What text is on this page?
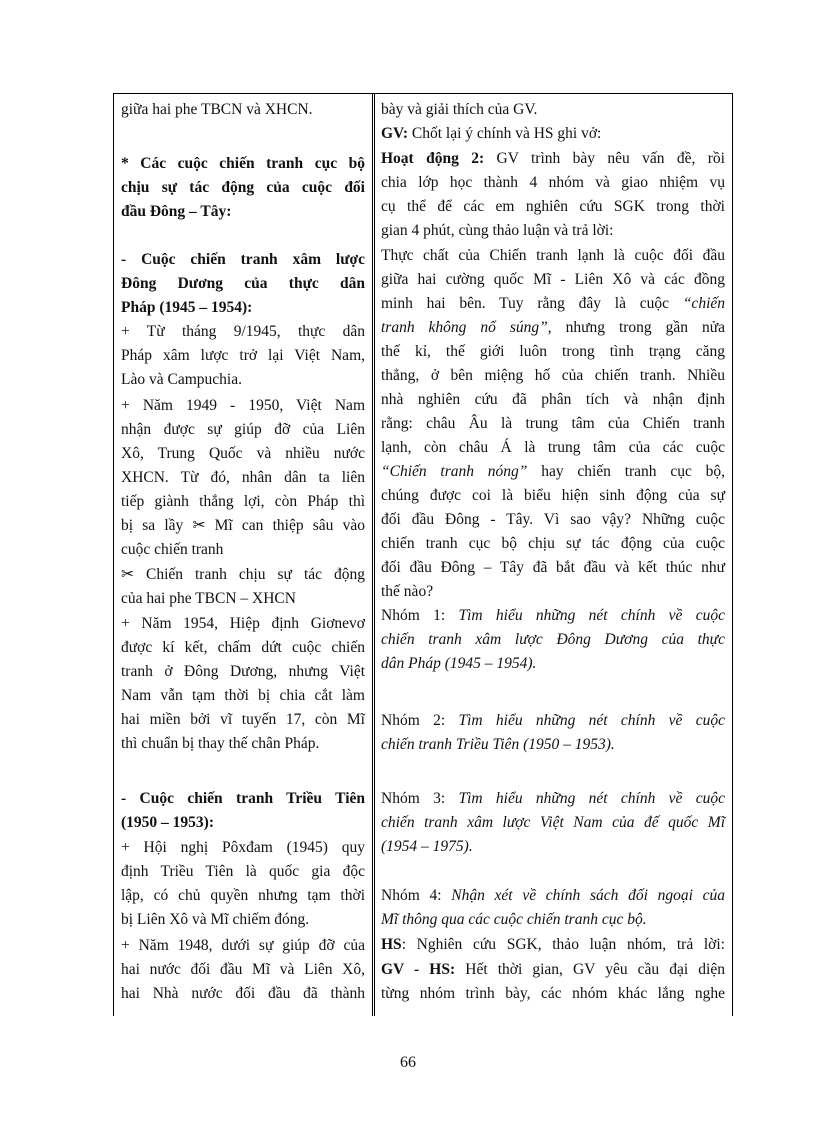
giữa hai phe TBCN và XHCN.
* Các cuộc chiến tranh cục bộ
chịu sự tác động của cuộc đối
đầu Đông – Tây:
- Cuộc chiến tranh xâm lược
Đông Dương của thực dân
Pháp (1945 – 1954):
+ Từ tháng 9/1945, thực dân
Pháp xâm lược trở lại Việt Nam,
Lào và Campuchia.
+ Năm 1949 - 1950, Việt Nam
nhận được sự giúp đỡ của Liên
Xô, Trung Quốc và nhiều nước
XHCN. Từ đó, nhân dân ta liên
tiếp giành thắng lợi, còn Pháp thì
bị sa lầy ✂ Mĩ can thiệp sâu vào
cuộc chiến tranh
✂ Chiến tranh chịu sự tác động
của hai phe TBCN – XHCN
+ Năm 1954, Hiệp định Giơnevơ
được kí kết, chấm dứt cuộc chiến
tranh ở Đông Dương, nhưng Việt
Nam vẫn tạm thời bị chia cắt làm
hai miền bởi vĩ tuyến 17, còn Mĩ
thì chuẩn bị thay thế chân Pháp.
- Cuộc chiến tranh Triều Tiên
(1950 – 1953):
+ Hội nghị Pôxđam (1945) quy
định Triều Tiên là quốc gia độc
lập, có chủ quyền nhưng tạm thời
bị Liên Xô và Mĩ chiếm đóng.
+ Năm 1948, dưới sự giúp đỡ của
hai nước đối đầu Mĩ và Liên Xô,
hai Nhà nước đối đầu đã thành
bày và giải thích của GV.
GV: Chốt lại ý chính và HS ghi vở:
Hoạt động 2: GV trình bày nêu vấn đề, rồi
chia lớp học thành 4 nhóm và giao nhiệm vụ
cụ thể để các em nghiên cứu SGK trong thời
gian 4 phút, cùng thảo luận và trả lời:
Thực chất của Chiến tranh lạnh là cuộc đối đầu
giữa hai cường quốc Mĩ - Liên Xô và các đồng
minh hai bên. Tuy rằng đây là cuộc “chiến
tranh không nổ súng”, nhưng trong gần nửa
thế kỉ, thế giới luôn trong tình trạng căng
thẳng, ở bên miệng hố của chiến tranh. Nhiều
nhà nghiên cứu đã phân tích và nhận định
rằng: châu Âu là trung tâm của Chiến tranh
lạnh, còn châu Á là trung tâm của các cuộc
“Chiến tranh nóng” hay chiến tranh cục bộ,
chúng được coi là biểu hiện sinh động của sự
đối đầu Đông - Tây. Vì sao vậy? Những cuộc
chiến tranh cục bộ chịu sự tác động của cuộc
đối đầu Đông – Tây đã bắt đầu và kết thúc như
thế nào?
Nhóm 1: Tìm hiểu những nét chính về cuộc
chiến tranh xâm lược Đông Dương của thực
dân Pháp (1945 – 1954).
Nhóm 2: Tìm hiểu những nét chính về cuộc
chiến tranh Triều Tiên (1950 – 1953).
Nhóm 3: Tìm hiểu những nét chính về cuộc
chiến tranh xâm lược Việt Nam của đế quốc Mĩ
(1954 – 1975).
Nhóm 4: Nhận xét về chính sách đối ngoại của
Mĩ thông qua các cuộc chiến tranh cục bộ.
HS: Nghiên cứu SGK, thảo luận nhóm, trả lời:
GV - HS: Hết thời gian, GV yêu cầu đại diện
từng nhóm trình bày, các nhóm khác lắng nghe
66
